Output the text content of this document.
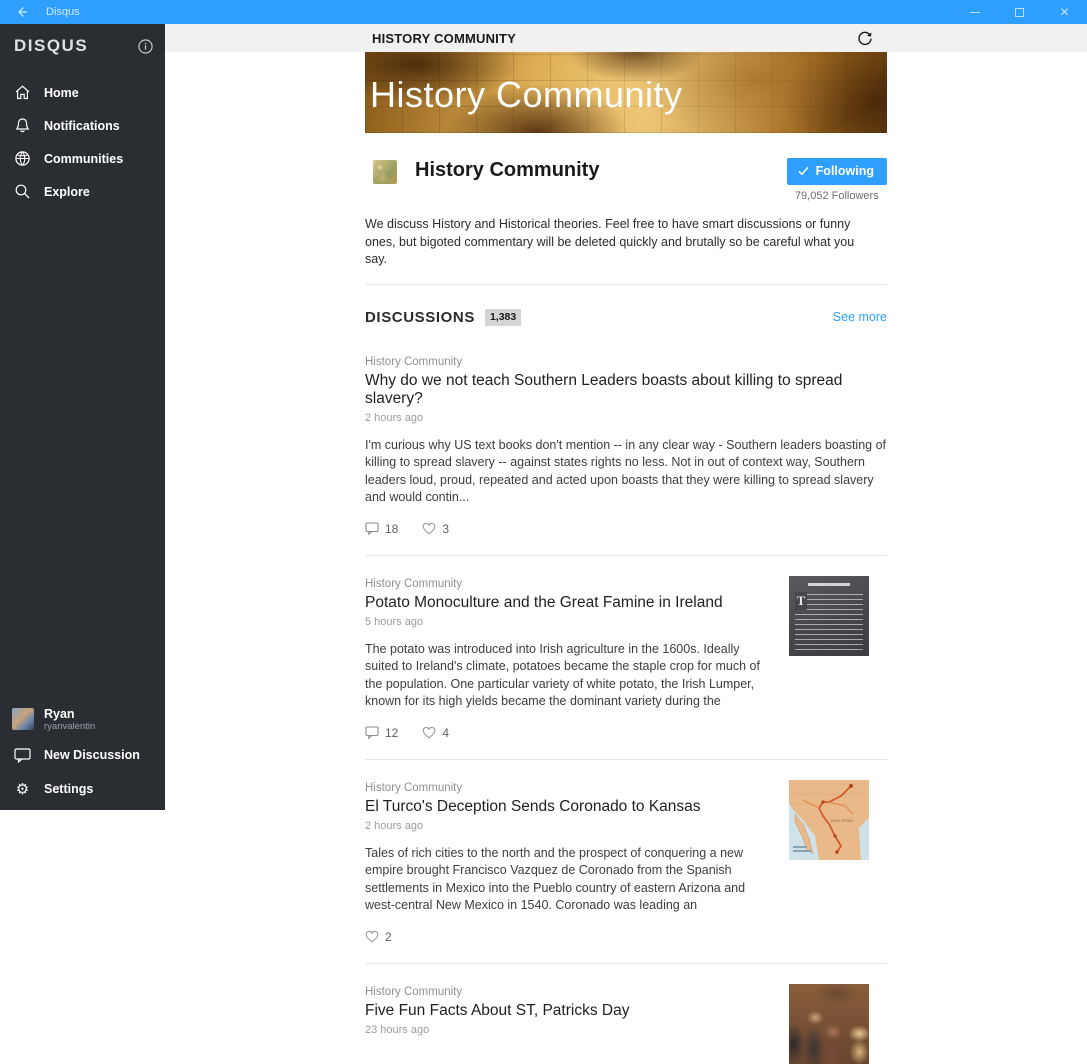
Disqus	✕
DISQUS
Home
Notifications
Communities
Explore
Ryan
ryanvalentin
New Discussion
⚙ Settings
HISTORY COMMUNITY
History Community
History Community	Following
79,052 Followers

We discuss History and Historical theories. Feel free to have smart discussions or funny ones, but bigoted commentary will be deleted quickly and brutally so be careful what you say.

DISCUSSIONS	1,383	See more
History Community
Why do we not teach Southern Leaders boasts about killing to spread slavery?
2 hours ago
I'm curious why US text books don't mention -- in any clear way - Southern leaders boasting of killing to spread slavery -- against states rights no less. Not in out of context way, Southern leaders loud, proud, repeated and acted upon boasts that they were killing to spread slavery and would contin...
18	3
History Community
Potato Monoculture and the Great Famine in Ireland
5 hours ago
The potato was introduced into Irish agriculture in the 1600s. Ideally suited to Ireland's climate, potatoes became the staple crop for much of the population. One particular variety of white potato, the Irish Lumper, known for its high yields became the dominant variety during the
12	4
T
History Community
El Turco's Deception Sends Coronado to Kansas
2 hours ago
Tales of rich cities to the north and the prospect of conquering a new empire brought Francisco Vazquez de Coronado from the Spanish settlements in Mexico into the Pueblo country of eastern Arizona and west-central New Mexico in 1540. Coronado was leading an
2
NEW SPAIN
History Community
Five Fun Facts About ST, Patricks Day
23 hours ago
